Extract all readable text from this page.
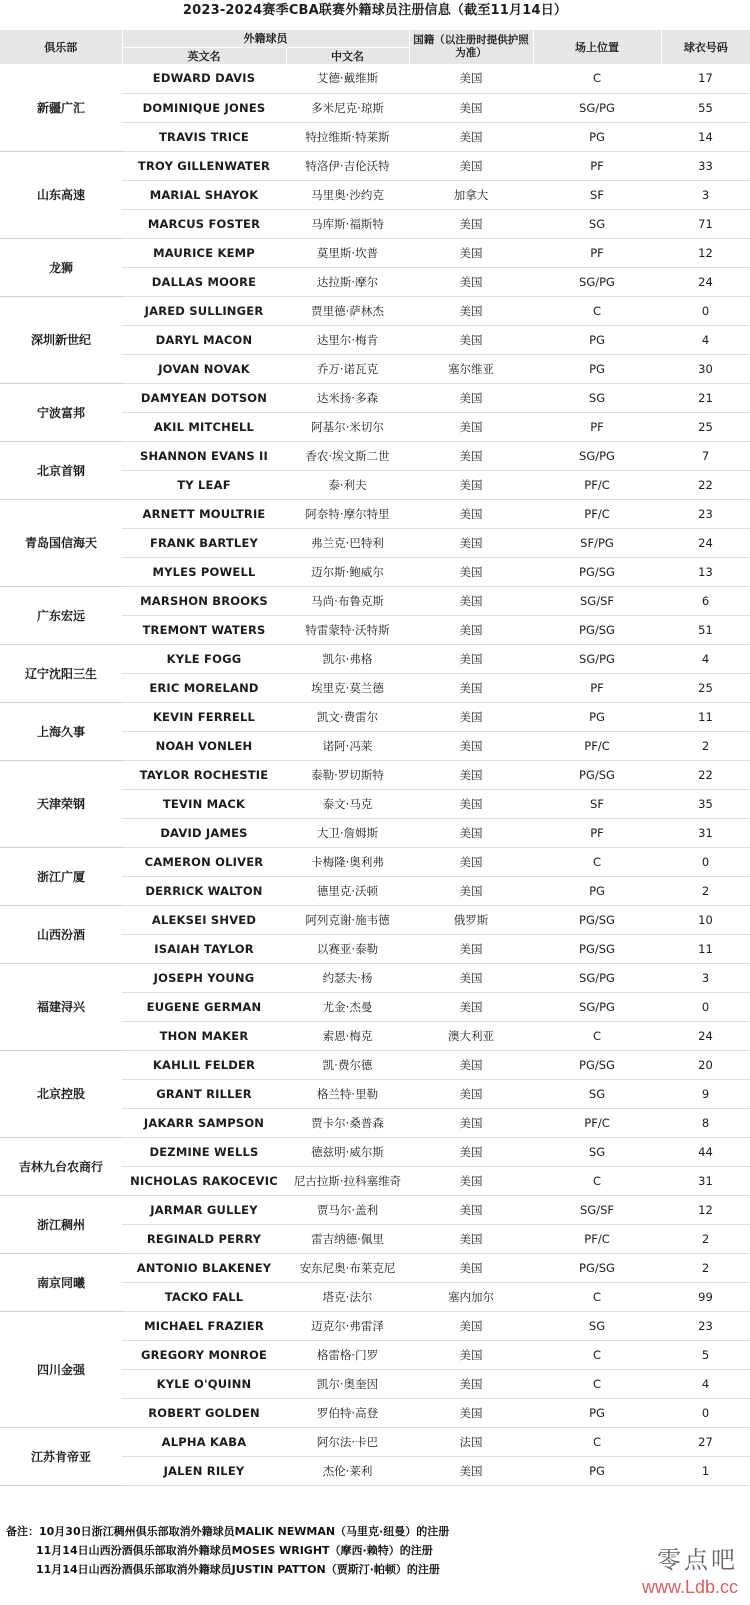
2023-2024赛季CBA联赛外籍球员注册信息（截至11月14日）
俱乐部	外籍球员		国籍（以注册时提供护照为准）	场上位置	球衣号码
	英文名	中文名			
新疆广汇	EDWARD DAVIS	艾德·戴维斯	美国	C	17
	DOMINIQUE JONES	多米尼克·琼斯	美国	SG/PG	55
	TRAVIS TRICE	特拉维斯·特莱斯	美国	PG	14
山东高速	TROY GILLENWATER	特洛伊·吉伦沃特	美国	PF	33
	MARIAL SHAYOK	马里奥·沙约克	加拿大	SF	3
	MARCUS FOSTER	马库斯·福斯特	美国	SG	71
龙狮	MAURICE KEMP	莫里斯·坎普	美国	PF	12
	DALLAS MOORE	达拉斯·摩尔	美国	SG/PG	24
深圳新世纪	JARED SULLINGER	贾里德·萨林杰	美国	C	0
	DARYL MACON	达里尔·梅肯	美国	PG	4
	JOVAN NOVAK	乔万·诺瓦克	塞尔维亚	PG	30
宁波富邦	DAMYEAN DOTSON	达米扬·多森	美国	SG	21
	AKIL MITCHELL	阿基尔·米切尔	美国	PF	25
北京首钢	SHANNON EVANS II	香农·埃文斯二世	美国	SG/PG	7
	TY LEAF	泰·利夫	美国	PF/C	22
青岛国信海天	ARNETT MOULTRIE	阿奈特·摩尔特里	美国	PF/C	23
	FRANK BARTLEY	弗兰克·巴特利	美国	SF/PG	24
	MYLES POWELL	迈尔斯·鲍威尔	美国	PG/SG	13
广东宏远	MARSHON BROOKS	马尚·布鲁克斯	美国	SG/SF	6
	TREMONT WATERS	特雷蒙特·沃特斯	美国	PG/SG	51
辽宁沈阳三生	KYLE FOGG	凯尔·弗格	美国	SG/PG	4
	ERIC MORELAND	埃里克·莫兰德	美国	PF	25
上海久事	KEVIN FERRELL	凯文·费雷尔	美国	PG	11
	NOAH VONLEH	诺阿·冯莱	美国	PF/C	2
天津荣钢	TAYLOR ROCHESTIE	泰勒·罗切斯特	美国	PG/SG	22
	TEVIN MACK	泰文·马克	美国	SF	35
	DAVID JAMES	大卫·詹姆斯	美国	PF	31
浙江广厦	CAMERON OLIVER	卡梅隆·奥利弗	美国	C	0
	DERRICK WALTON	德里克·沃顿	美国	PG	2
山西汾酒	ALEKSEI SHVED	阿列克谢·施韦德	俄罗斯	PG/SG	10
	ISAIAH TAYLOR	以赛亚·泰勒	美国	PG/SG	11
福建浔兴	JOSEPH YOUNG	约瑟夫·杨	美国	SG/PG	3
	EUGENE GERMAN	尤金·杰曼	美国	SG/PG	0
	THON MAKER	索恩·梅克	澳大利亚	C	24
北京控股	KAHLIL FELDER	凯·费尔德	美国	PG/SG	20
	GRANT RILLER	格兰特·里勒	美国	SG	9
	JAKARR SAMPSON	贾卡尔·桑普森	美国	PF/C	8
吉林九台农商行	DEZMINE WELLS	德兹明·威尔斯	美国	SG	44
	NICHOLAS RAKOCEVIC	尼古拉斯·拉科塞维奇	美国	C	31
浙江稠州	JARMAR GULLEY	贾马尔·盖利	美国	SG/SF	12
	REGINALD PERRY	雷吉纳德·佩里	美国	PF/C	2
南京同曦	ANTONIO BLAKENEY	安东尼奥·布莱克尼	美国	PG/SG	2
	TACKO FALL	塔克·法尔	塞内加尔	C	99
四川金强	MICHAEL FRAZIER	迈克尔·弗雷泽	美国	SG	23
	GREGORY MONROE	格雷格·门罗	美国	C	5
	KYLE O'QUINN	凯尔·奥奎因	美国	C	4
	ROBERT GOLDEN	罗伯特·高登	美国	PG	0
江苏肯帝亚	ALPHA KABA	阿尔法·卡巴	法国	C	27
	JALEN RILEY	杰伦·莱利	美国	PG	1
备注：10月30日浙江稠州俱乐部取消外籍球员MALIK NEWMAN（马里克·纽曼）的注册
11月14日山西汾酒俱乐部取消外籍球员MOSES WRIGHT（摩西·赖特）的注册
11月14日山西汾酒俱乐部取消外籍球员JUSTIN PATTON（贾斯汀·帕顿）的注册	零点吧
www.Ldb.cc
